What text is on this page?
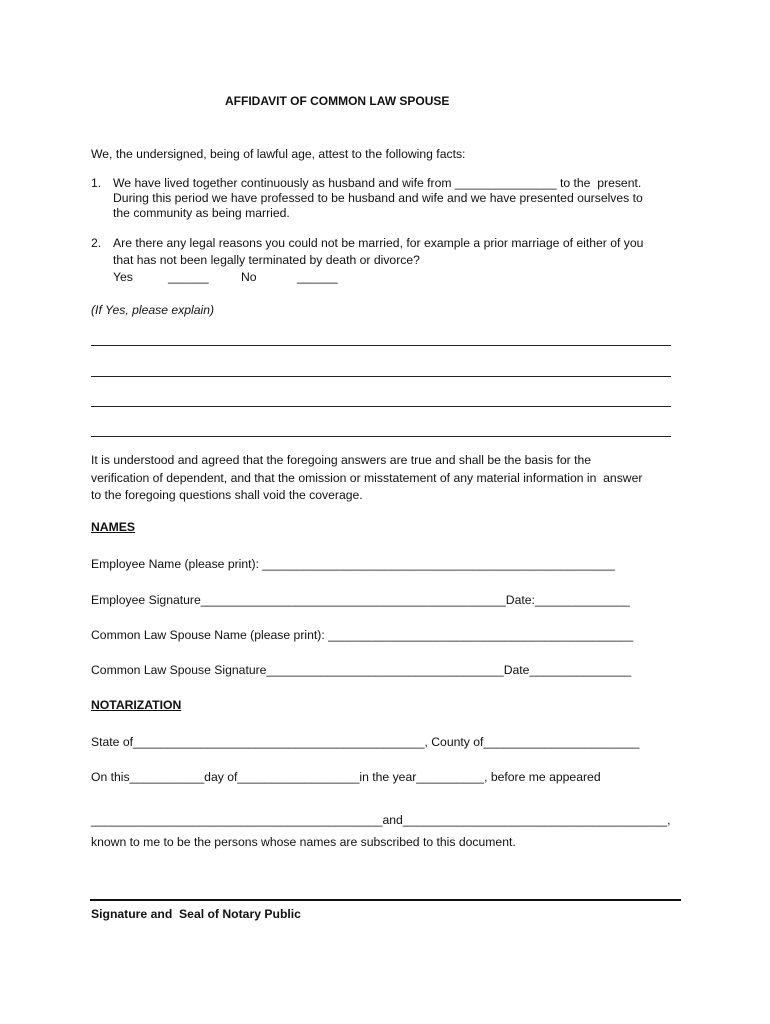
AFFIDAVIT OF COMMON LAW SPOUSE
We, the undersigned, being of lawful age, attest to the following facts:
1. We have lived together continuously as husband and wife from _______________ to the  present.
During this period we have professed to be husband and wife and we have presented ourselves to
the community as being married.
2. Are there any legal reasons you could not be married, for example a prior marriage of either of you
that has not been legally terminated by death or divorce?
Yes	______	No	______
(If Yes, please explain)
It is understood and agreed that the foregoing answers are true and shall be the basis for the
verification of dependent, and that the omission or misstatement of any material information in  answer
to the foregoing questions shall void the coverage.
NAMES
Employee Name (please print): ____________________________________________________
Employee Signature_____________________________________________Date:______________
Common Law Spouse Name (please print): _____________________________________________
Common Law Spouse Signature___________________________________Date_______________
NOTARIZATION
State of___________________________________________, County of_______________________
On this___________day of__________________in the year__________, before me appeared
___________________________________________and_______________________________________,
known to me to be the persons whose names are subscribed to this document.
Signature and  Seal of Notary Public
